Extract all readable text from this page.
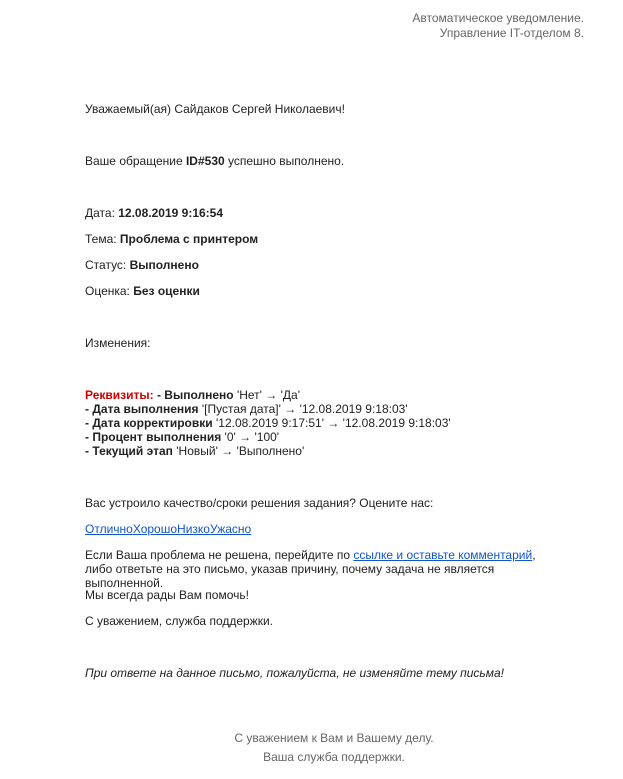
Автоматическое уведомление.
Управление IT-отделом 8.
Уважаемый(ая) Сайдаков Сергей Николаевич!
Ваше обращение ID#530 успешно выполнено.
Дата: 12.08.2019 9:16:54
Тема: Проблема с принтером
Статус: Выполнено
Оценка: Без оценки
Изменения:
Реквизиты: - Выполнено 'Нет' → 'Да'
- Дата выполнения '[Пустая дата]' → '12.08.2019 9:18:03'
- Дата корректировки '12.08.2019 9:17:51' → '12.08.2019 9:18:03'
- Процент выполнения '0' → '100'
- Текущий этап 'Новый' → 'Выполнено'
Вас устроило качество/сроки решения задания? Оцените нас:
ОтличноХорошоНизкоУжасно
Если Ваша проблема не решена, перейдите по ссылке и оставьте комментарий, либо ответьте на это письмо, указав причину, почему задача не является выполненной.
Мы всегда рады Вам помочь!
С уважением, служба поддержки.
При ответе на данное письмо, пожалуйста, не изменяйте тему письма!
С уважением к Вам и Вашему делу.
Ваша служба поддержки.
